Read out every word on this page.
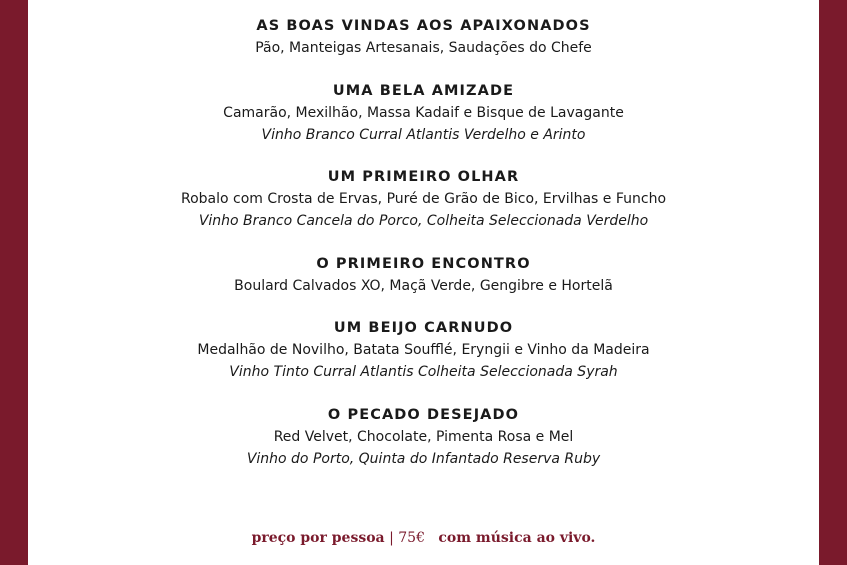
AS BOAS VINDAS AOS APAIXONADOS
Pão, Manteigas Artesanais, Saudações do Chefe
UMA BELA AMIZADE
Camarão, Mexilhão, Massa Kadaif e Bisque de Lavagante
Vinho Branco Curral Atlantis Verdelho e Arinto
UM PRIMEIRO OLHAR
Robalo com Crosta de Ervas, Puré de Grão de Bico, Ervilhas e Funcho
Vinho Branco Cancela do Porco, Colheita Seleccionada Verdelho
O PRIMEIRO ENCONTRO
Boulard Calvados XO, Maçã Verde, Gengibre e Hortelã
UM BEIJO CARNUDO
Medalhão de Novilho, Batata Soufflé, Eryngii e Vinho da Madeira
Vinho Tinto Curral Atlantis Colheita Seleccionada Syrah
O PECADO DESEJADO
Red Velvet, Chocolate, Pimenta Rosa e Mel
Vinho do Porto, Quinta do Infantado Reserva Ruby
preço por pessoa | 75€ com música ao vivo.
